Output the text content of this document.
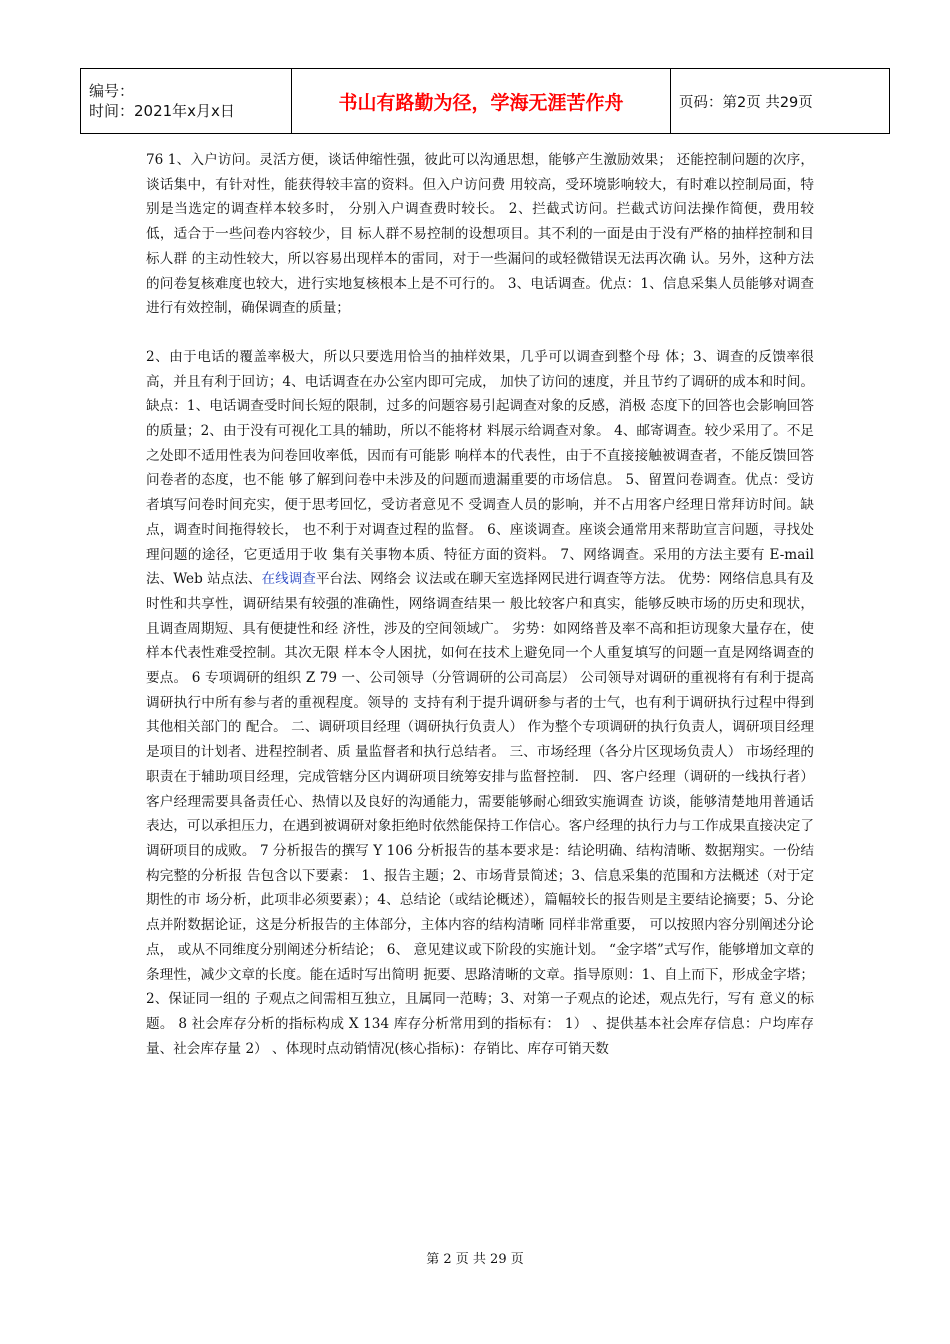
编号：
时间：2021年x月x日	书山有路勤为径，学海无涯苦作舟	页码：第2页 共29页

76 1、入户访问。灵活方便，谈话伸缩性强，彼此可以沟通思想，能够产生激励效果； 还能控制问题的次序，谈话集中，有针对性，能获得较丰富的资料。但入户访问费 用较高，受环境影响较大，有时难以控制局面，特别是当选定的调查样本较多时， 分别入户调查费时较长。 2、拦截式访问。拦截式访问法操作简便，费用较低，适合于一些问卷内容较少，目 标人群不易控制的设想项目。其不利的一面是由于没有严格的抽样控制和目标人群 的主动性较大，所以容易出现样本的雷同，对于一些漏问的或轻微错误无法再次确 认。另外，这种方法的问卷复核难度也较大，进行实地复核根本上是不可行的。 3、电话调查。优点：1、信息采集人员能够对调查进行有效控制，确保调查的质量；

2、由于电话的覆盖率极大，所以只要选用恰当的抽样效果，几乎可以调查到整个母 体；3、调查的反馈率很高，并且有利于回访；4、电话调查在办公室内即可完成， 加快了访问的速度，并且节约了调研的成本和时间。 缺点：1、电话调查受时间长短的限制，过多的问题容易引起调查对象的反感，消极 态度下的回答也会影响回答的质量；2、由于没有可视化工具的辅助，所以不能将材 料展示给调查对象。 4、邮寄调查。较少采用了。不足之处即不适用性表为问卷回收率低，因而有可能影 响样本的代表性，由于不直接接触被调查者，不能反馈回答问卷者的态度，也不能 够了解到问卷中未涉及的问题而遗漏重要的市场信息。 5、留置问卷调查。优点：受访者填写问卷时间充实，便于思考回忆，受访者意见不 受调查人员的影响，并不占用客户经理日常拜访时间。缺点，调查时间拖得较长， 也不利于对调查过程的监督。 6、座谈调查。座谈会通常用来帮助宣言问题，寻找处理问题的途径，它更适用于收 集有关事物本质、特征方面的资料。 7、网络调查。采用的方法主要有 E-mail 法、Web 站点法、在线调查平台法、网络会 议法或在聊天室选择网民进行调查等方法。 优势：网络信息具有及时性和共享性，调研结果有较强的准确性，网络调查结果一 般比较客户和真实，能够反映市场的历史和现状，且调查周期短、具有便捷性和经 济性，涉及的空间领域广。 劣势：如网络普及率不高和拒访现象大量存在，使样本代表性难受控制。其次无限 样本令人困扰，如何在技术上避免同一个人重复填写的问题一直是网络调查的要点。 6 专项调研的组织 Z 79 一、公司领导（分管调研的公司高层） 公司领导对调研的重视将有有利于提高调研执行中所有参与者的重视程度。领导的 支持有利于提升调研参与者的士气，也有利于调研执行过程中得到其他相关部门的 配合。 二、调研项目经理（调研执行负责人） 作为整个专项调研的执行负责人，调研项目经理是项目的计划者、进程控制者、质 量监督者和执行总结者。 三、市场经理（各分片区现场负责人） 市场经理的职责在于辅助项目经理，完成管辖分区内调研项目统筹安排与监督控制． 四、客户经理（调研的一线执行者） 客户经理需要具备责任心、热情以及良好的沟通能力，需要能够耐心细致实施调查 访谈，能够清楚地用普通话表达，可以承担压力，在遇到被调研对象拒绝时依然能保持工作信心。客户经理的执行力与工作成果直接决定了调研项目的成败。 7 分析报告的撰写 Y 106 分析报告的基本要求是：结论明确、结构清晰、数据翔实。一份结构完整的分析报 告包含以下要素： 1、报告主题；2、市场背景简述；3、信息采集的范围和方法概述（对于定期性的市 场分析，此项非必须要素）；4、总结论（或结论概述），篇幅较长的报告则是主要结论摘要；5、分论点并附数据论证，这是分析报告的主体部分，主体内容的结构清晰 同样非常重要， 可以按照内容分别阐述分论点， 或从不同维度分别阐述分析结论； 6、 意见建议或下阶段的实施计划。 “金字塔”式写作，能够增加文章的条理性，减少文章的长度。能在适时写出简明 扼要、思路清晰的文章。指导原则：1、自上而下，形成金字塔；2、保证同一组的 子观点之间需相互独立，且属同一范畴；3、对第一子观点的论述，观点先行，写有 意义的标题。 8 社会库存分析的指标构成 X 134 库存分析常用到的指标有： 1） 、提供基本社会库存信息：户均库存量、社会库存量 2） 、体现时点动销情况(核心指标)：存销比、库存可销天数

第 2 页 共 29 页
